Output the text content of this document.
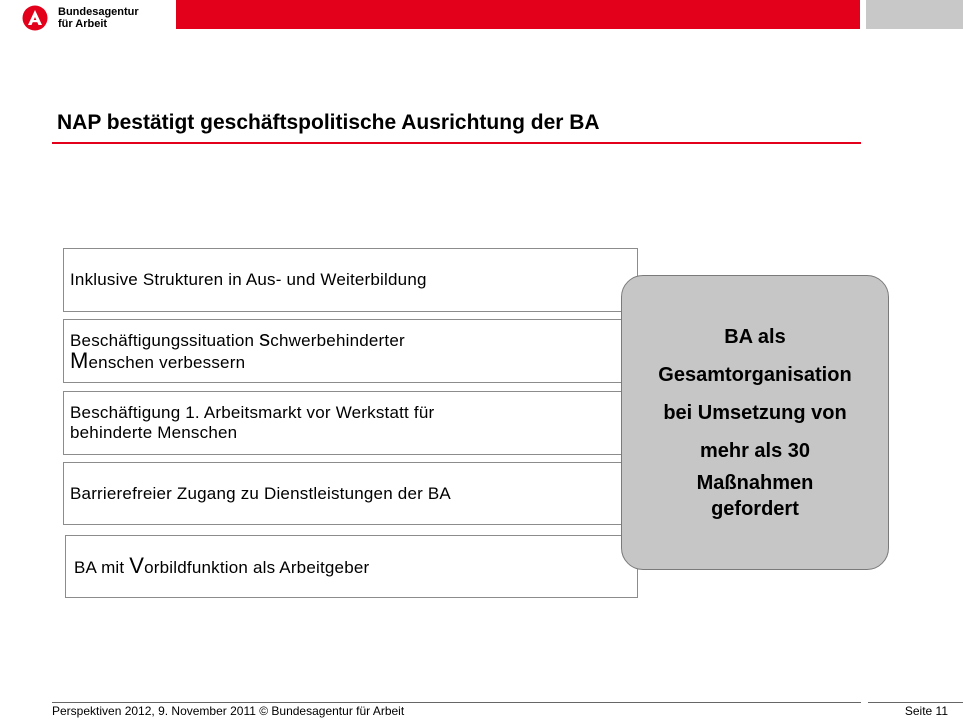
Bundesagentur
für Arbeit
NAP bestätigt geschäftspolitische Ausrichtung der BA
Inklusive Strukturen in Aus- und Weiterbildung
Beschäftigungssituation schwerbehinderter
Menschen verbessern
Beschäftigung 1. Arbeitsmarkt vor Werkstatt für
behinderte Menschen
Barrierefreier Zugang zu Dienstleistungen der BA
BA mit Vorbildfunktion als Arbeitgeber
BA als
Gesamtorganisation
bei Umsetzung von
mehr als 30
Maßnahmen
gefordert
Perspektiven 2012, 9. November 2011 © Bundesagentur für Arbeit	Seite 11
